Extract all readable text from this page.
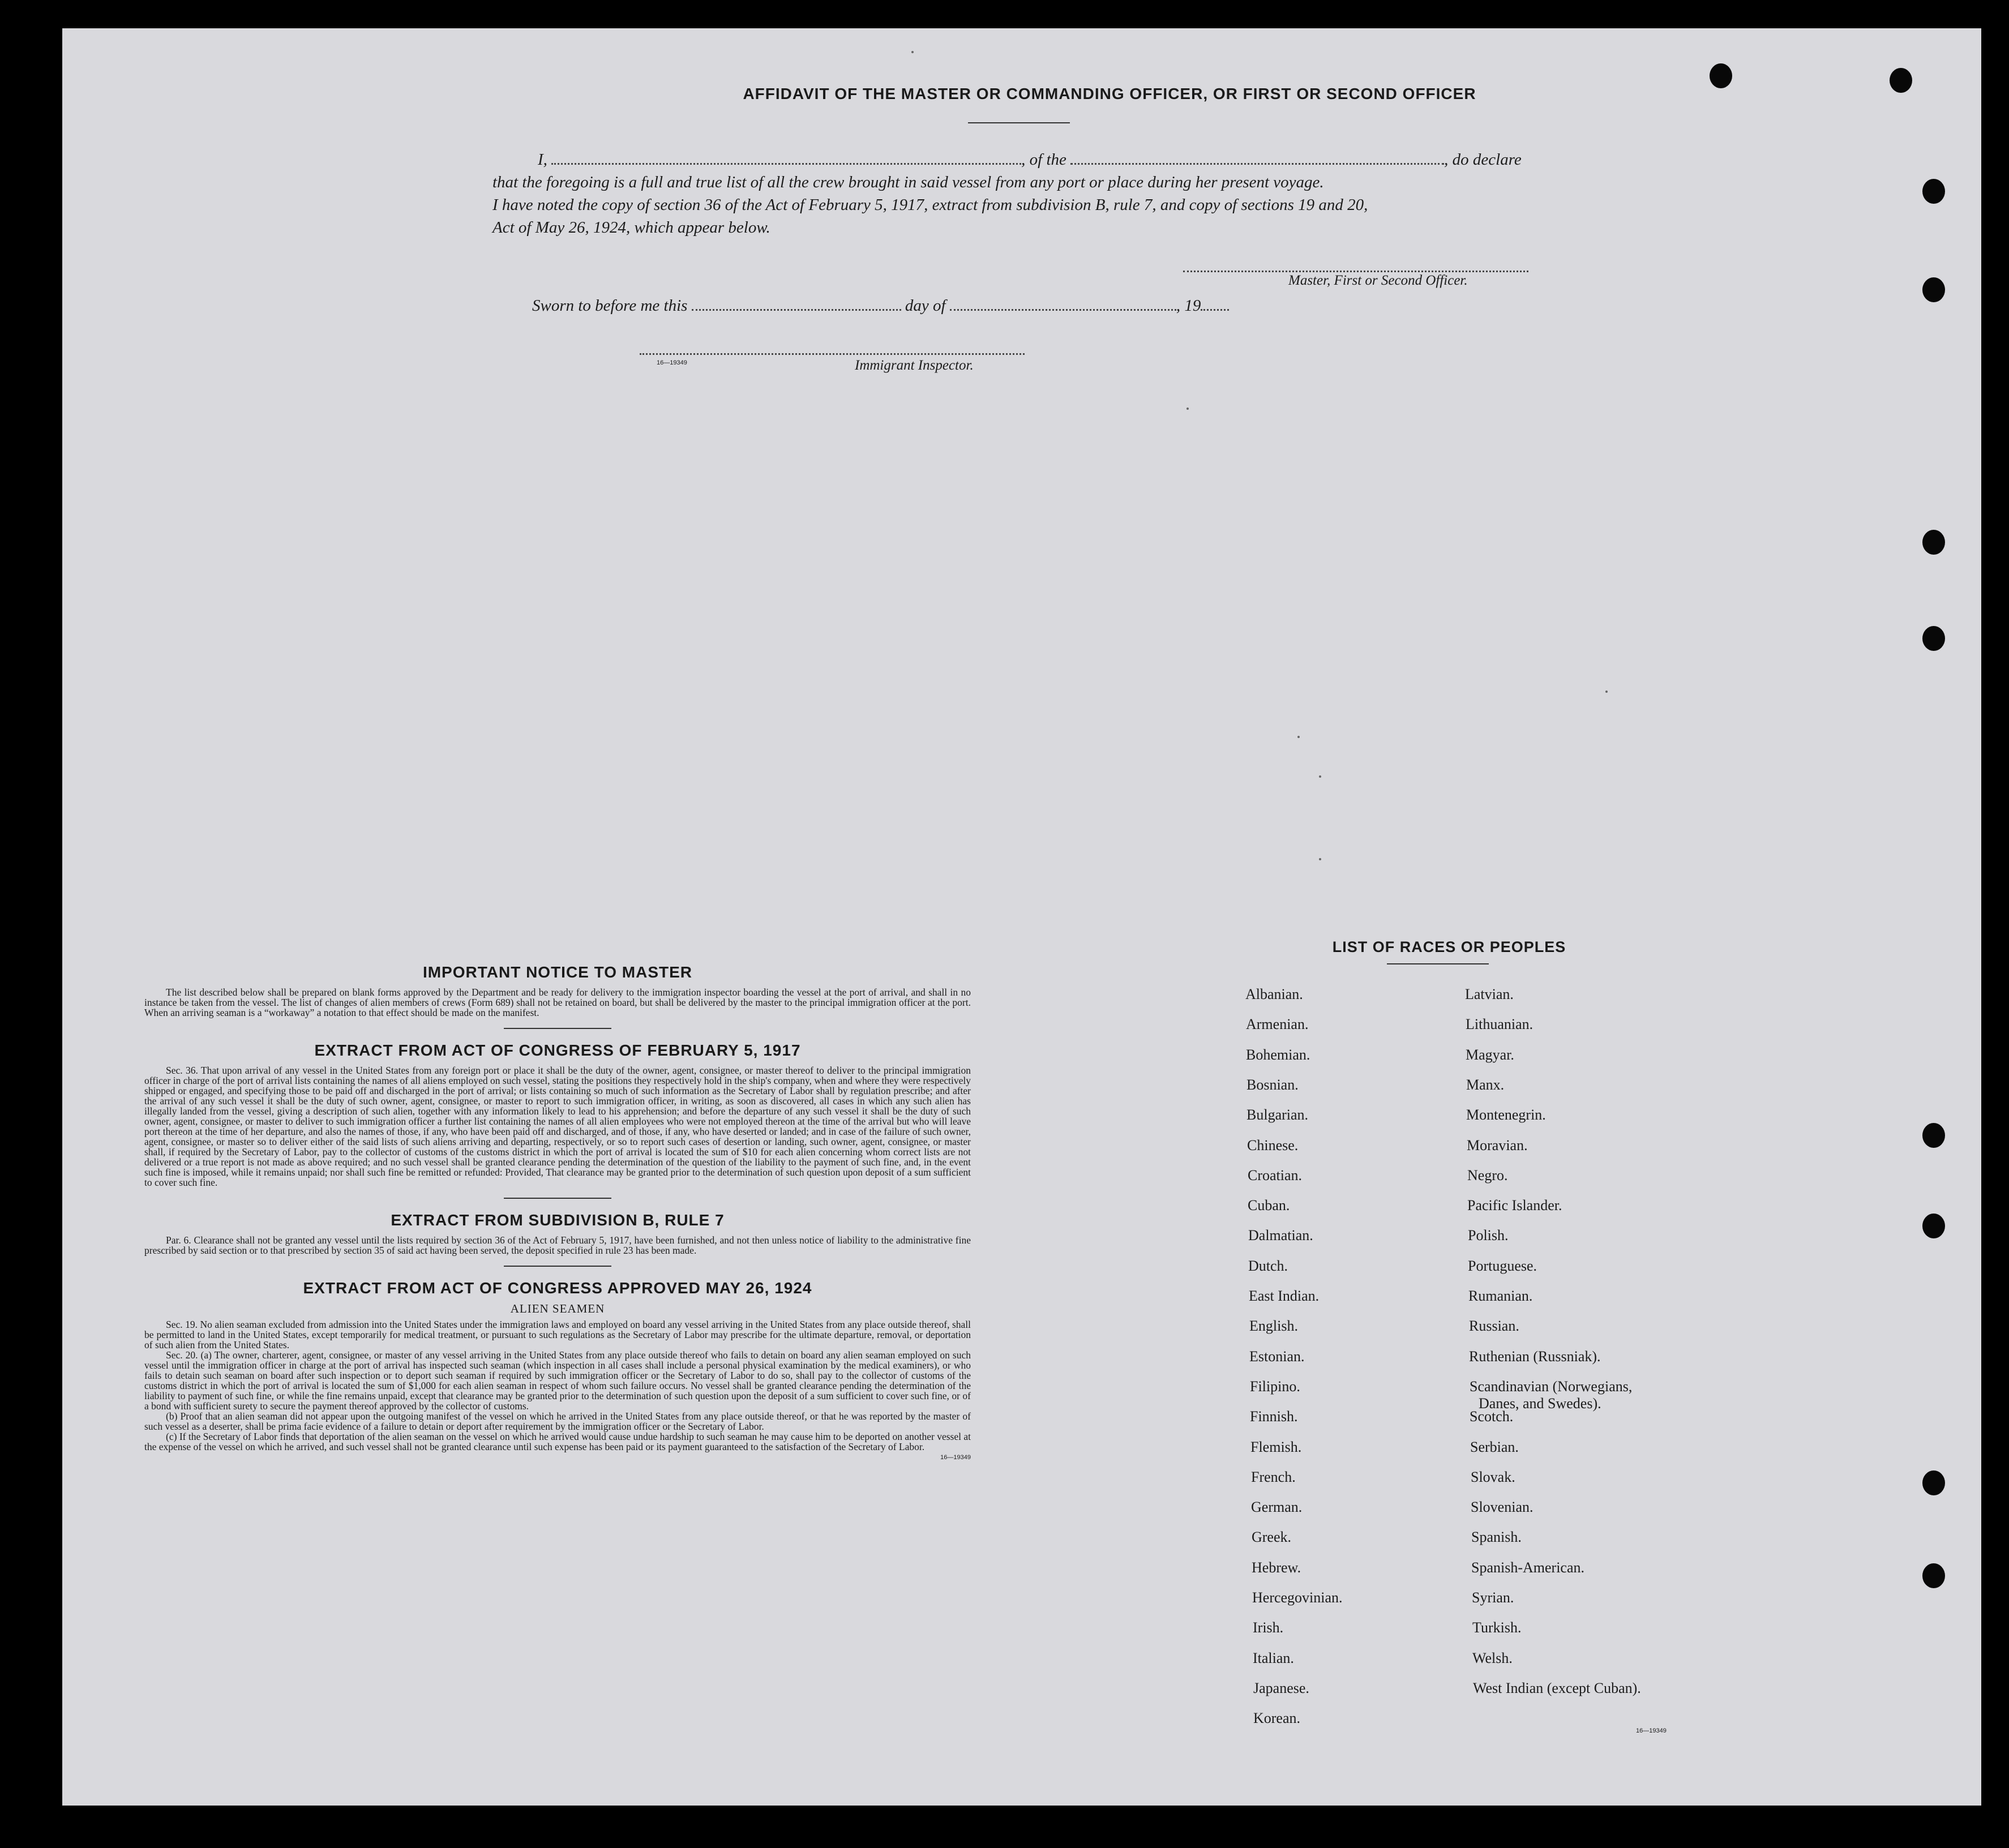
AFFIDAVIT OF THE MASTER OR COMMANDING OFFICER, OR FIRST OR SECOND OFFICER

I,	, of the	, do declare

that the foregoing is a full and true list of all the crew brought in said vessel from any port or place during her present voyage.

I have noted the copy of section 36 of the Act of February 5, 1917, extract from subdivision B, rule 7, and copy of sections 19 and 20,

Act of May 26, 1924, which appear below.

Master, First or Second Officer.
Sworn to before me this	day of	, 19
16—19349	Immigrant Inspector.
IMPORTANT NOTICE TO MASTER

The list described below shall be prepared on blank forms approved by the Department and be ready for delivery to the immigration inspector boarding the vessel at the port of arrival, and shall in no instance be taken from the vessel. The list of changes of alien members of crews (Form 689) shall not be retained on board, but shall be delivered by the master to the principal immigration officer at the port. When an arriving seaman is a “workaway” a notation to that effect should be made on the manifest.

EXTRACT FROM ACT OF CONGRESS OF FEBRUARY 5, 1917

Sec. 36. That upon arrival of any vessel in the United States from any foreign port or place it shall be the duty of the owner, agent, consignee, or master thereof to deliver to the principal immigration officer in charge of the port of arrival lists containing the names of all aliens employed on such vessel, stating the positions they respectively hold in the ship's company, when and where they were respectively shipped or engaged, and specifying those to be paid off and discharged in the port of arrival; or lists containing so much of such information as the Secretary of Labor shall by regulation prescribe; and after the arrival of any such vessel it shall be the duty of such owner, agent, consignee, or master to report to such immigration officer, in writing, as soon as discovered, all cases in which any such alien has illegally landed from the vessel, giving a description of such alien, together with any information likely to lead to his apprehension; and before the departure of any such vessel it shall be the duty of such owner, agent, consignee, or master to deliver to such immigration officer a further list containing the names of all alien employees who were not employed thereon at the time of the arrival but who will leave port thereon at the time of her departure, and also the names of those, if any, who have been paid off and discharged, and of those, if any, who have deserted or landed; and in case of the failure of such owner, agent, consignee, or master so to deliver either of the said lists of such aliens arriving and departing, respectively, or so to report such cases of desertion or landing, such owner, agent, consignee, or master shall, if required by the Secretary of Labor, pay to the collector of customs of the customs district in which the port of arrival is located the sum of $10 for each alien concerning whom correct lists are not delivered or a true report is not made as above required; and no such vessel shall be granted clearance pending the determination of the question of the liability to the payment of such fine, and, in the event such fine is imposed, while it remains unpaid; nor shall such fine be remitted or refunded: Provided, That clearance may be granted prior to the determination of such question upon deposit of a sum sufficient to cover such fine.

EXTRACT FROM SUBDIVISION B, RULE 7

Par. 6. Clearance shall not be granted any vessel until the lists required by section 36 of the Act of February 5, 1917, have been furnished, and not then unless notice of liability to the administrative fine prescribed by said section or to that prescribed by section 35 of said act having been served, the deposit specified in rule 23 has been made.

EXTRACT FROM ACT OF CONGRESS APPROVED MAY 26, 1924
ALIEN SEAMEN

Sec. 19. No alien seaman excluded from admission into the United States under the immigration laws and employed on board any vessel arriving in the United States from any place outside thereof, shall be permitted to land in the United States, except temporarily for medical treatment, or pursuant to such regulations as the Secretary of Labor may prescribe for the ultimate departure, removal, or deportation of such alien from the United States.

Sec. 20. (a) The owner, charterer, agent, consignee, or master of any vessel arriving in the United States from any place outside thereof who fails to detain on board any alien seaman employed on such vessel until the immigration officer in charge at the port of arrival has inspected such seaman (which inspection in all cases shall include a personal physical examination by the medical examiners), or who fails to detain such seaman on board after such inspection or to deport such seaman if required by such immigration officer or the Secretary of Labor to do so, shall pay to the collector of customs of the customs district in which the port of arrival is located the sum of $1,000 for each alien seaman in respect of whom such failure occurs. No vessel shall be granted clearance pending the determination of the liability to payment of such fine, or while the fine remains unpaid, except that clearance may be granted prior to the determination of such question upon the deposit of a sum sufficient to cover such fine, or of a bond with sufficient surety to secure the payment thereof approved by the collector of customs.

(b) Proof that an alien seaman did not appear upon the outgoing manifest of the vessel on which he arrived in the United States from any place outside thereof, or that he was reported by the master of such vessel as a deserter, shall be prima facie evidence of a failure to detain or deport after requirement by the immigration officer or the Secretary of Labor.

(c) If the Secretary of Labor finds that deportation of the alien seaman on the vessel on which he arrived would cause undue hardship to such seaman he may cause him to be deported on another vessel at the expense of the vessel on which he arrived, and such vessel shall not be granted clearance until such expense has been paid or its payment guaranteed to the satisfaction of the Secretary of Labor.

16—19349
LIST OF RACES OR PEOPLES
16—19349
Albanian.
Armenian.
Bohemian.
Bosnian.
Bulgarian.
Chinese.
Croatian.
Cuban.
Dalmatian.
Dutch.
East Indian.
English.
Estonian.
Filipino.
Finnish.
Flemish.
French.
German.
Greek.
Hebrew.
Hercegovinian.
Irish.
Italian.
Japanese.
Korean.
Latvian.
Lithuanian.
Magyar.
Manx.
Montenegrin.
Moravian.
Negro.
Pacific Islander.
Polish.
Portuguese.
Rumanian.
Russian.
Ruthenian (Russniak).
Scandinavian (Norwegians,
Danes, and Swedes).
Scotch.
Serbian.
Slovak.
Slovenian.
Spanish.
Spanish-American.
Syrian.
Turkish.
Welsh.
West Indian (except Cuban).
